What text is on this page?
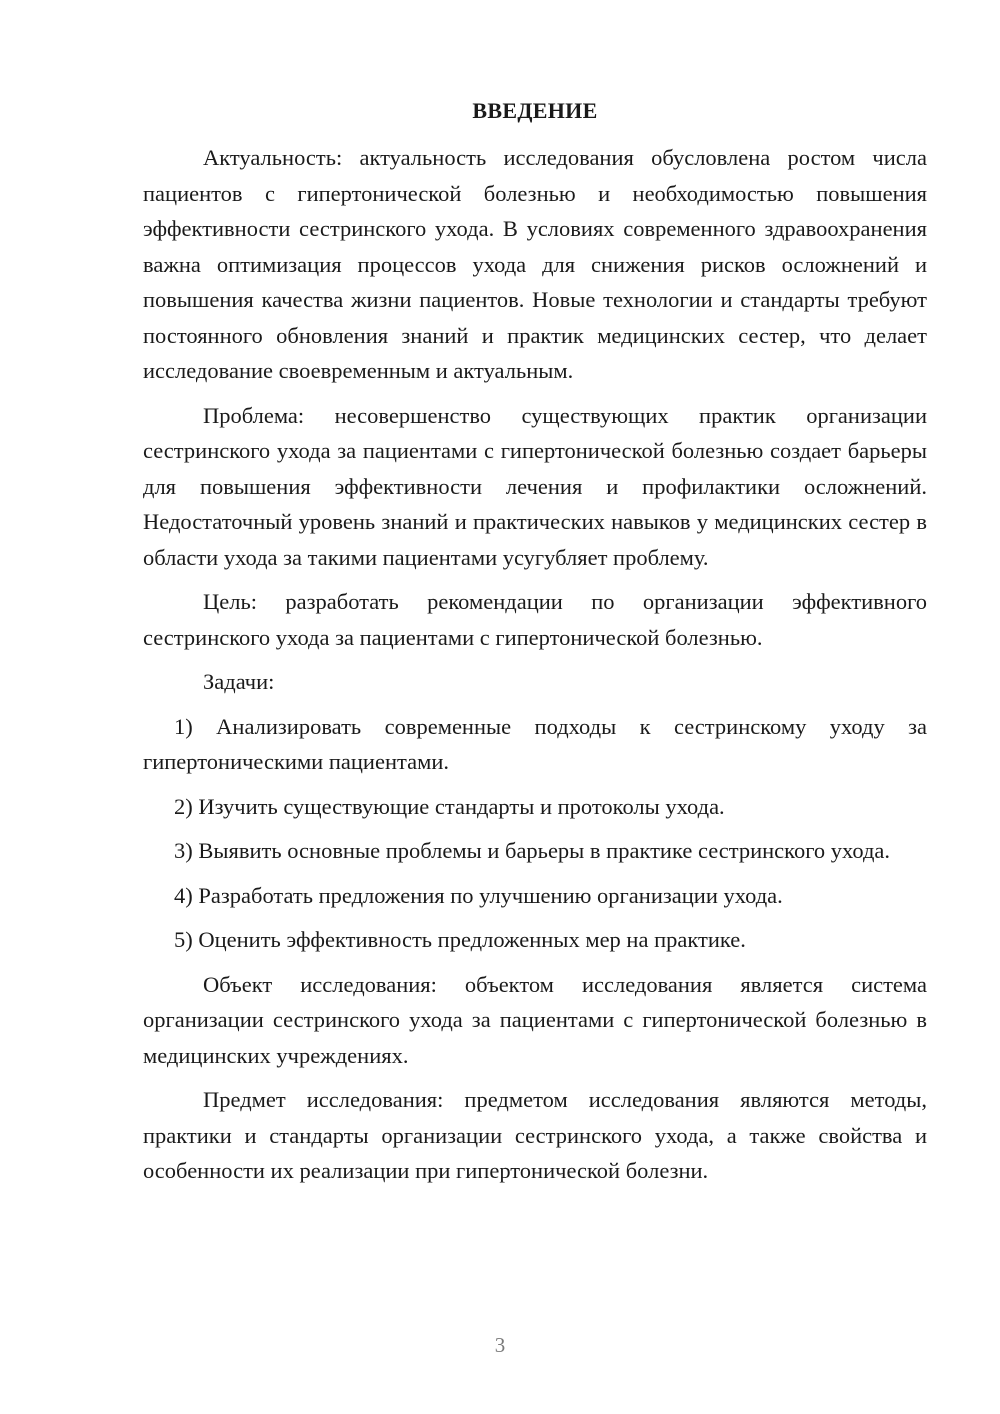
ВВЕДЕНИЕ

Актуальность: актуальность исследования обусловлена ростом числа пациентов с гипертонической болезнью и необходимостью повышения эффективности сестринского ухода. В условиях современного здравоохранения важна оптимизация процессов ухода для снижения рисков осложнений и повышения качества жизни пациентов. Новые технологии и стандарты требуют постоянного обновления знаний и практик медицинских сестер, что делает исследование своевременным и актуальным.

Проблема: несовершенство существующих практик организации сестринского ухода за пациентами с гипертонической болезнью создает барьеры для повышения эффективности лечения и профилактики осложнений. Недостаточный уровень знаний и практических навыков у медицинских сестер в области ухода за такими пациентами усугубляет проблему.

Цель: разработать рекомендации по организации эффективного сестринского ухода за пациентами с гипертонической болезнью.

Задачи:

1) Анализировать современные подходы к сестринскому уходу за гипертоническими пациентами.

2) Изучить существующие стандарты и протоколы ухода.

3) Выявить основные проблемы и барьеры в практике сестринского ухода.

4) Разработать предложения по улучшению организации ухода.

5) Оценить эффективность предложенных мер на практике.

Объект исследования: объектом исследования является система организации сестринского ухода за пациентами с гипертонической болезнью в медицинских учреждениях.

Предмет исследования: предметом исследования являются методы, практики и стандарты организации сестринского ухода, а также свойства и особенности их реализации при гипертонической болезни.

3
